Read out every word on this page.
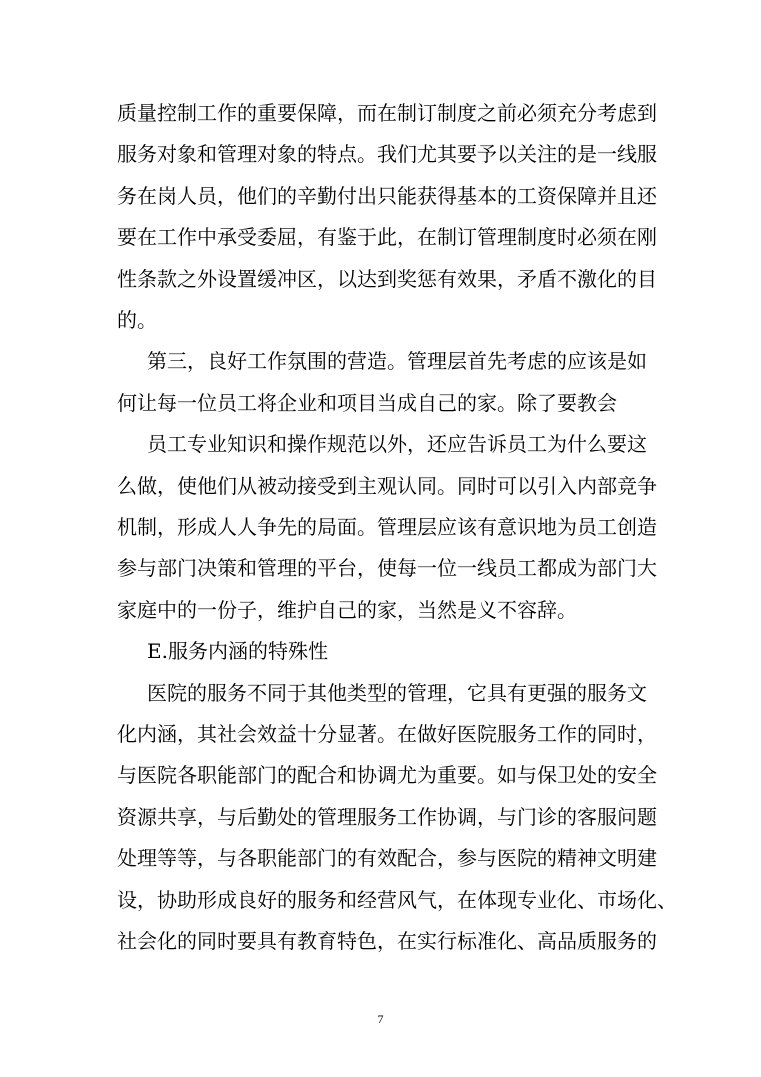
质量控制工作的重要保障，而在制订制度之前必须充分考虑到
服务对象和管理对象的特点。我们尤其要予以关注的是一线服
务在岗人员，他们的辛勤付出只能获得基本的工资保障并且还
要在工作中承受委屈，有鉴于此，在制订管理制度时必须在刚
性条款之外设置缓冲区，以达到奖惩有效果，矛盾不激化的目
的。
第三，良好工作氛围的营造。管理层首先考虑的应该是如
何让每一位员工将企业和项目当成自己的家。除了要教会
员工专业知识和操作规范以外，还应告诉员工为什么要这
么做，使他们从被动接受到主观认同。同时可以引入内部竞争
机制，形成人人争先的局面。管理层应该有意识地为员工创造
参与部门决策和管理的平台，使每一位一线员工都成为部门大
家庭中的一份子，维护自己的家，当然是义不容辞。
E.服务内涵的特殊性
医院的服务不同于其他类型的管理，它具有更强的服务文
化内涵，其社会效益十分显著。在做好医院服务工作的同时，
与医院各职能部门的配合和协调尤为重要。如与保卫处的安全
资源共享，与后勤处的管理服务工作协调，与门诊的客服问题
处理等等，与各职能部门的有效配合，参与医院的精神文明建
设，协助形成良好的服务和经营风气，在体现专业化、市场化、
社会化的同时要具有教育特色，在实行标准化、高品质服务的
7
